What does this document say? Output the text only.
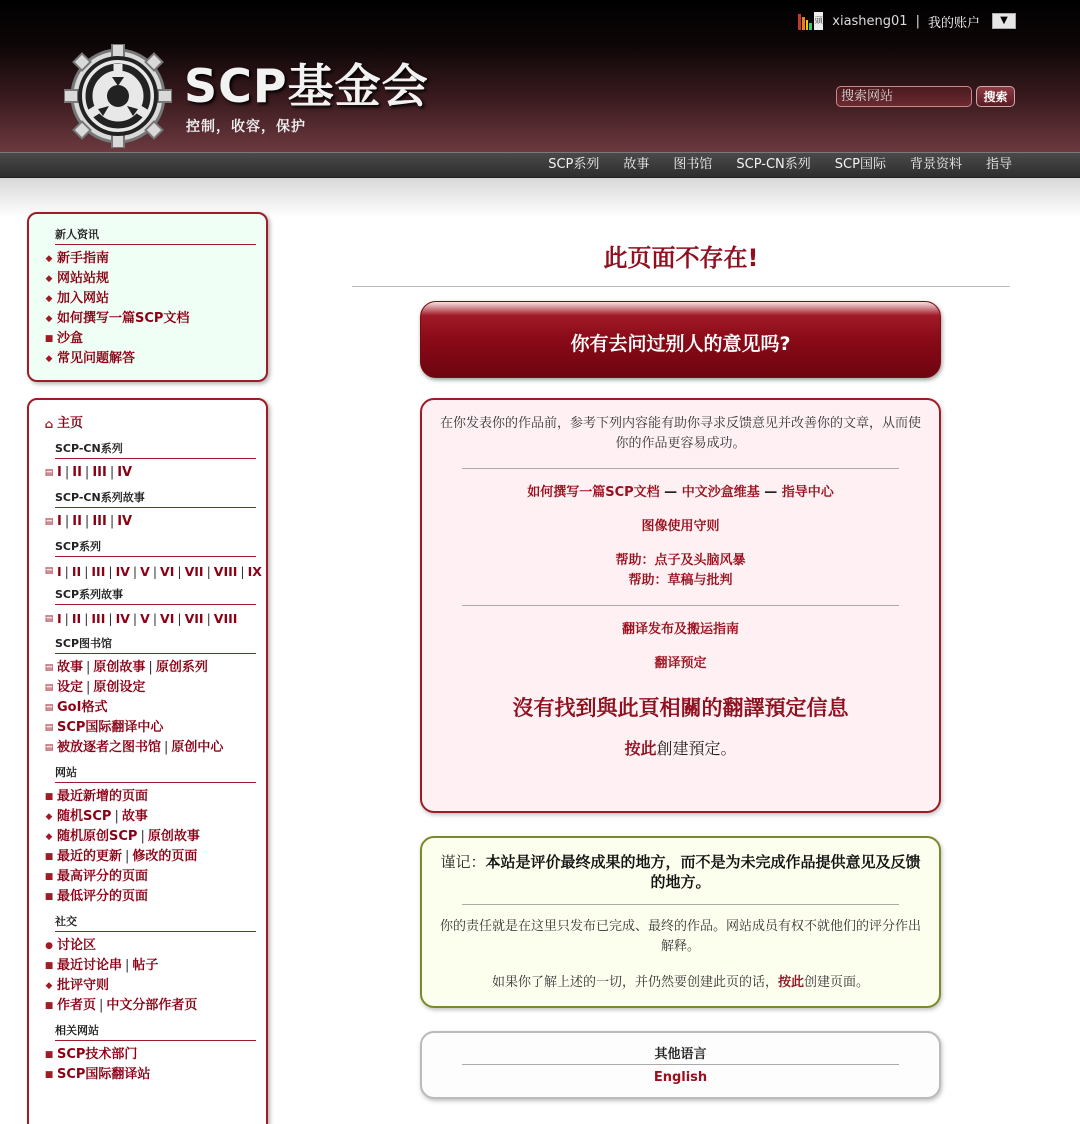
SCP基金会
控制，收容，保护
頭 xiasheng01 | 我的账户	▼
搜索网站
搜索
SCP系列	故事	图书馆	SCP-CN系列	SCP国际	背景资料	指导
新人资讯
◆ 新手指南
◆ 网站站规
◆ 加入网站
◆ 如何撰写一篇SCP文档
■ 沙盒
◆ 常见问题解答
⌂ 主页
SCP-CN系列
▤ I | II | III | IV
SCP-CN系列故事
▤ I | II | III | IV
SCP系列
▤ I | II | III | IV | V | VI | VII | VIII | IX
SCP系列故事
▤ I | II | III | IV | V | VI | VII | VIII
SCP图书馆
▤ 故事 | 原创故事 | 原创系列
▤ 设定 | 原创设定
▤ GoI格式
▤ SCP国际翻译中心
▤ 被放逐者之图书馆 | 原创中心
网站
■ 最近新增的页面
◆ 随机SCP | 故事
◆ 随机原创SCP | 原创故事
■ 最近的更新 | 修改的页面
■ 最高评分的页面
■ 最低评分的页面
社交
● 讨论区
■ 最近讨论串 | 帖子
◆ 批评守则
■ 作者页 | 中文分部作者页
相关网站
■ SCP技术部门
■ SCP国际翻译站
此页面不存在!
你有去问过别人的意见吗?
在你发表你的作品前，参考下列内容能有助你寻求反馈意见并改善你的文章，从而使你的作品更容易成功。
如何撰写一篇SCP文档 — 中文沙盒维基 — 指导中心
图像使用守则
帮助：点子及头脑风暴
帮助：草稿与批判
翻译发布及搬运指南
翻译预定
沒有找到與此頁相關的翻譯預定信息
按此創建預定。
谨记：本站是评价最终成果的地方，而不是为未完成作品提供意见及反馈的地方。
你的责任就是在这里只发布已完成、最终的作品。网站成员有权不就他们的评分作出解释。
如果你了解上述的一切，并仍然要创建此页的话，按此创建页面。
其他语言
English
